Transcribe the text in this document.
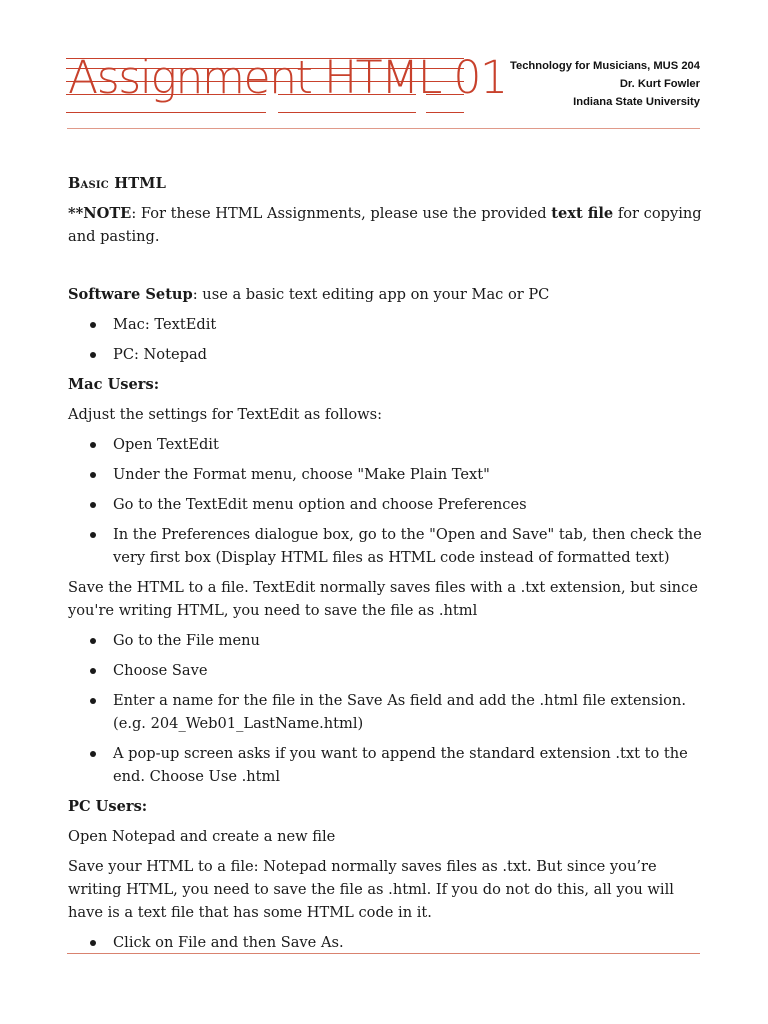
Assignment HTML 01 Technology for Musicians, MUS 204
Dr. Kurt Fowler
Indiana State University

Basic HTML

**NOTE: For these HTML Assignments, please use the provided text file for copying and pasting.

Software Setup: use a basic text editing app on your Mac or PC

Mac: TextEdit
PC: Notepad

Mac Users:

Adjust the settings for TextEdit as follows:

Open TextEdit
Under the Format menu, choose "Make Plain Text"
Go to the TextEdit menu option and choose Preferences
In the Preferences dialogue box, go to the "Open and Save" tab, then check the very first box (Display HTML files as HTML code instead of formatted text)

Save the HTML to a file. TextEdit normally saves files with a .txt extension, but since you're writing HTML, you need to save the file as .html

Go to the File menu
Choose Save
Enter a name for the file in the Save As field and add the .html file extension. (e.g. 204_Web01_LastName.html)
A pop-up screen asks if you want to append the standard extension .txt to the end. Choose Use .html

PC Users:

Open Notepad and create a new file

Save your HTML to a file: Notepad normally saves files as .txt. But since you’re writing HTML, you need to save the file as .html. If you do not do this, all you will have is a text file that has some HTML code in it.

Click on File and then Save As.
